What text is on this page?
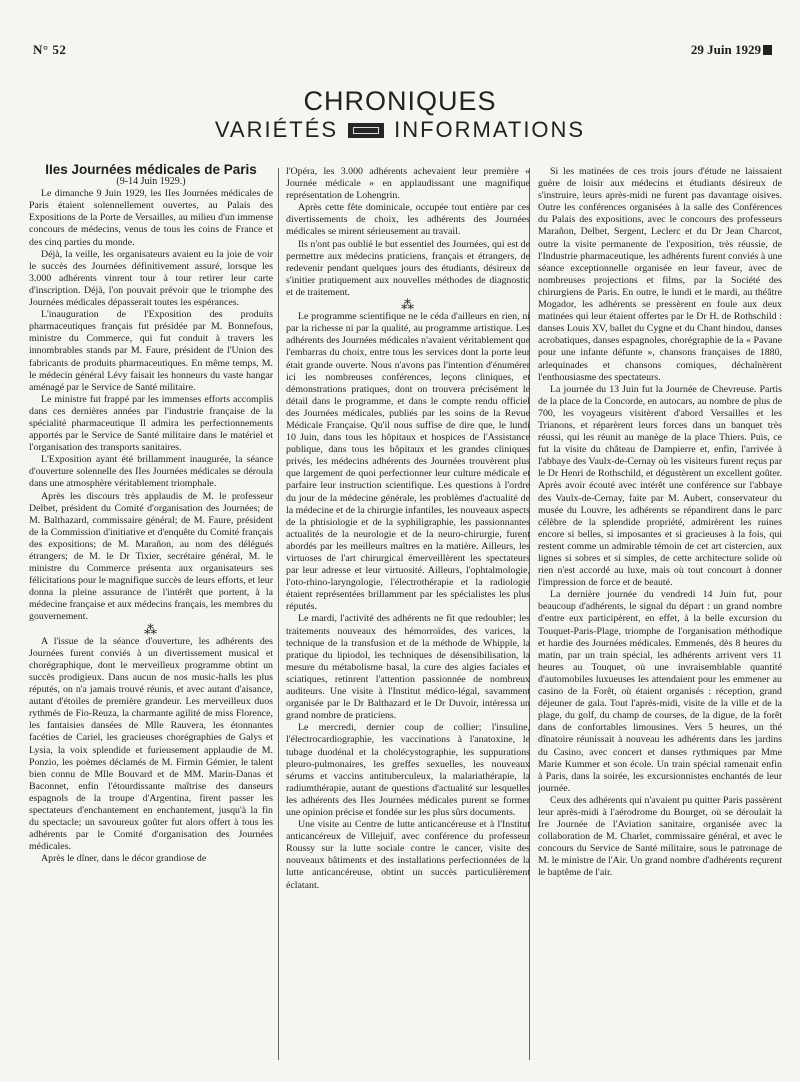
N° 52	29 Juin 1929
CHRONIQUES
VARIÉTÉS	INFORMATIONS

IIes Journées médicales de Paris

(9-14 Juin 1929.)

Le dimanche 9 Juin 1929, les IIes Journées médicales de Paris étaient solennellement ouvertes, au Palais des Expositions de la Porte de Versailles, au milieu d'un immense concours de médecins, venus de tous les coins de France et des cinq parties du monde.

Déjà, la veille, les organisateurs avaient eu la joie de voir le succès des Journées définitivement assuré, lorsque les 3.000 adhérents vinrent tour à tour retirer leur carte d'inscription. Déjà, l'on pouvait prévoir que le triomphe des Journées médicales dépasserait toutes les espérances.

L'inauguration de l'Exposition des produits pharmaceutiques français fut présidée par M. Bonnefous, ministre du Commerce, qui fut conduit à travers les innombrables stands par M. Faure, président de l'Union des fabricants de produits pharmaceutiques. En même temps, M. le médecin général Lévy faisait les honneurs du vaste hangar aménagé par le Service de Santé militaire.

Le ministre fut frappé par les immenses efforts accomplis dans ces dernières années par l'industrie française de la spécialité pharmaceutique Il admira les perfectionnements apportés par le Service de Santé militaire dans le matériel et l'organisation des transports sanitaires.

L'Exposition ayant été brillamment inaugurée, la séance d'ouverture solennelle des IIes Journées médicales se déroula dans une atmosphère véritablement triomphale.

Après les discours très applaudis de M. le professeur Delbet, président du Comité d'organisation des Journées; de M. Balthazard, commissaire général; de M. Faure, président de la Commission d'initiative et d'enquête du Comité français des expositions; de M. Marañon, au nom des délégués étrangers; de M. le Dr Tixier, secrétaire général, M. le ministre du Commerce présenta aux organisateurs ses félicitations pour le magnifique succès de leurs efforts, et leur donna la pleine assurance de l'intérêt que portent, à la médecine française et aux médecins français, les membres du gouvernement.

⁂

A l'issue de la séance d'ouverture, les adhérents des Journées furent conviés à un divertissement musical et chorégraphique, dont le merveilleux programme obtint un succès prodigieux. Dans aucun de nos music-halls les plus réputés, on n'a jamais trouvé réunis, et avec autant d'aisance, autant d'étoiles de première grandeur. Les merveilleux duos rythmés de Fio-Reuza, la charmante agilité de miss Florence, les fantaisies dansées de Mlle Rauvera, les étonnantes facéties de Cariel, les gracieuses chorégraphies de Galys et Lysia, la voix splendide et furieusement applaudie de M. Ponzio, les poèmes déclamés de M. Firmin Gémier, le talent bien connu de Mlle Bouvard et de MM. Marin-Danas et Baconnet, enfin l'étourdissante maîtrise des danseurs espagnols de la troupe d'Argentina, firent passer les spectateurs d'enchantement en enchantement, jusqu'à la fin du spectacle; un savoureux goûter fut alors offert à tous les adhérents par le Comité d'organisation des Journées médicales.

Après le dîner, dans le décor grandiose de

l'Opéra, les 3.000 adhérents achevaient leur première « Journée médicale » en applaudissant une magnifique représentation de Lohengrin.

Après cette fête dominicale, occupée tout entière par ces divertissements de choix, les adhérents des Journées médicales se mirent sérieusement au travail.

Ils n'ont pas oublié le but essentiel des Journées, qui est de permettre aux médecins praticiens, français et étrangers, de redevenir pendant quelques jours des étudiants, désireux de s'initier pratiquement aux nouvelles méthodes de diagnostic et de traitement.

⁂

Le programme scientifique ne le céda d'ailleurs en rien, ni par la richesse ni par la qualité, au programme artistique. Les adhérents des Journées médicales n'avaient véritablement que l'embarras du choix, entre tous les services dont la porte leur était grande ouverte. Nous n'avons pas l'intention d'énumérer ici les nombreuses conférences, leçons cliniques, et démonstrations pratiques, dont on trouvera précisément le détail dans le programme, et dans le compte rendu officiel des Journées médicales, publiés par les soins de la Revue Médicale Française. Qu'il nous suffise de dire que, le lundi 10 Juin, dans tous les hôpitaux et hospices de l'Assistance publique, dans tous les hôpitaux et les grandes cliniques privés, les médecins adhérents des Journées trouvèrent plus que largement de quoi perfectionner leur culture médicale et parfaire leur instruction scientifique. Les questions à l'ordre du jour de la médecine générale, les problèmes d'actualité de la médecine et de la chirurgie infantiles, les nouveaux aspects de la phtisiologie et de la syphiligraphie, les passionnantes actualités de la neurologie et de la neuro-chirurgie, furent abordés par les meilleurs maîtres en la matière. Ailleurs, les virtuoses de l'art chirurgical émerveillèrent les spectateurs par leur adresse et leur virtuosité. Ailleurs, l'ophtalmologie, l'oto-rhino-laryngologie, l'électrothérapie et la radiologie étaient représentées brillamment par les spécialistes les plus réputés.

Le mardi, l'activité des adhérents ne fit que redoubler; les traitements nouveaux des hémorroïdes, des varices, la technique de la transfusion et de la méthode de Whipple, la pratique du lipiodol, les techniques de désensibilisation, la mesure du métabolisme basal, la cure des algies faciales et sciatiques, retinrent l'attention passionnée de nombreux auditeurs. Une visite à l'Institut médico-légal, savamment organisée par le Dr Balthazard et le Dr Duvoir, intéressa un grand nombre de praticiens.

Le mercredi, dernier coup de collier; l'insuline, l'électrocardiographie, les vaccinations à l'anatoxine, le tubage duodénal et la cholécystographie, les suppurations pleuro-pulmonaires, les greffes sexuelles, les nouveaux sérums et vaccins antituberculeux, la malariathérapie, la radiumthérapie, autant de questions d'actualité sur lesquelles les adhérents des IIes Journées médicales purent se former une opinion précise et fondée sur les plus sûrs documents.

Une visite au Centre de lutte anticancéreuse et à l'Institut anticancéreux de Villejuif, avec conférence du professeur Roussy sur la lutte sociale contre le cancer, visite des nouveaux bâtiments et des installations perfectionnées de la lutte anticancéreuse, obtint un succès particulièrement éclatant.

Si les matinées de ces trois jours d'étude ne laissaient guère de loisir aux médecins et étudiants désireux de s'instruire, leurs après-midi ne furent pas davantage oisives. Outre les conférences organisées à la salle des Conférences du Palais des expositions, avec le concours des professeurs Marañon, Delbet, Sergent, Leclerc et du Dr Jean Charcot, outre la visite permanente de l'exposition, très réussie, de l'Industrie pharmaceutique, les adhérents furent conviés à une séance exceptionnelle organisée en leur faveur, avec de nombreuses projections et films, par la Société des chirurgiens de Paris. En outre, le lundi et le mardi, au théâtre Mogador, les adhérents se pressèrent en foule aux deux matinées qui leur étaient offertes par le Dr H. de Rothschild : danses Louis XV, ballet du Cygne et du Chant hindou, danses acrobatiques, danses espagnoles, chorégraphie de la « Pavane pour une infante défunte », chansons françaises de 1880, arlequinades et chansons comiques, déchaînèrent l'enthousiasme des spectateurs.

La journée du 13 Juin fut la Journée de Chevreuse. Partis de la place de la Concorde, en autocars, au nombre de plus de 700, les voyageurs visitèrent d'abord Versailles et les Trianons, et réparèrent leurs forces dans un banquet très réussi, qui les réunit au manège de la place Thiers. Puis, ce fut la visite du château de Dampierre et, enfin, l'arrivée à l'abbaye des Vaulx-de-Cernay où les visiteurs furent reçus par le Dr Henri de Rothschild, et dégustèrent un excellent goûter. Après avoir écouté avec intérêt une conférence sur l'abbaye des Vaulx-de-Cernay, faite par M. Aubert, conservateur du musée du Louvre, les adhérents se répandirent dans le parc célèbre de la splendide propriété, admirèrent les ruines encore si belles, si imposantes et si gracieuses à la fois, qui restent comme un admirable témoin de cet art cistercien, aux lignes si sobres et si simples, de cette architecture solide où rien n'est accordé au luxe, mais où tout concourt à donner l'impression de force et de beauté.

La dernière journée du vendredi 14 Juin fut, pour beaucoup d'adhérents, le signal du départ : un grand nombre d'entre eux participèrent, en effet, à la belle excursion du Touquet-Paris-Plage, triomphe de l'organisation méthodique et hardie des Journées médicales. Emmenés, dès 8 heures du matin, par un train spécial, les adhérents arrivent vers 11 heures au Touquet, où une invraisemblable quantité d'automobiles luxueuses les attendaient pour les emmener au casino de la Forêt, où étaient organisés : réception, grand déjeuner de gala. Tout l'après-midi, visite de la ville et de la plage, du golf, du champ de courses, de la digue, de la forêt dans de confortables limousines. Vers 5 heures, un thé dînatoire réunissait à nouveau les adhérents dans les jardins du Casino, avec concert et danses rythmiques par Mme Marie Kummer et son école. Un train spécial ramenait enfin à Paris, dans la soirée, les excursionnistes enchantés de leur journée.

Ceux des adhérents qui n'avaient pu quitter Paris passèrent leur après-midi à l'aérodrome du Bourget, où se déroulait la Ire Journée de l'Aviation sanitaire, organisée avec la collaboration de M. Charlet, commissaire général, et avec le concours du Service de Santé militaire, sous le patronage de M. le ministre de l'Air. Un grand nombre d'adhérents reçurent le baptême de l'air.
